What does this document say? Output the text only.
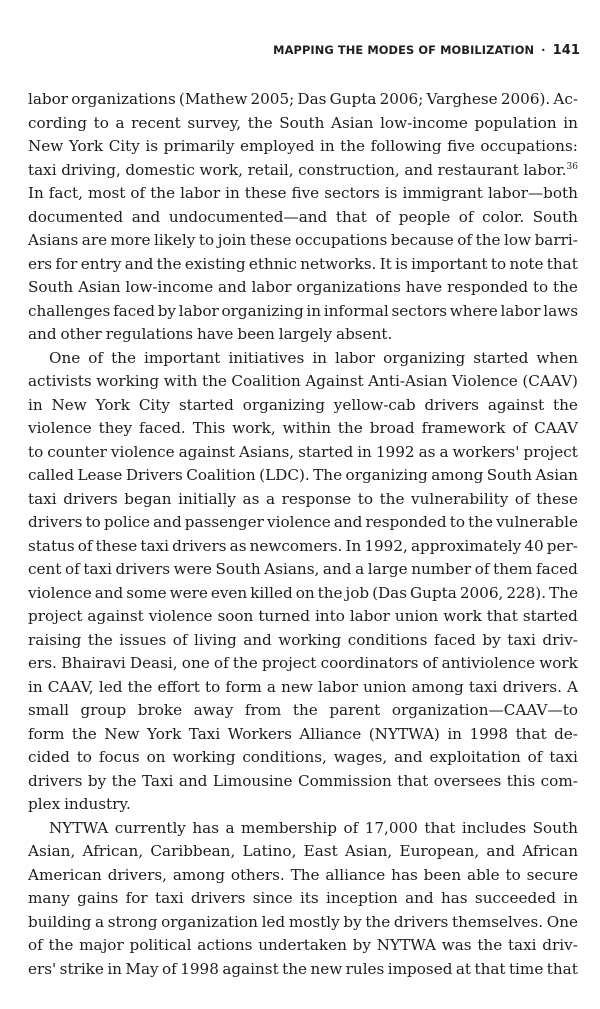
MAPPING THE MODES OF MOBILIZATION · 141
labor organizations (Mathew 2005; Das Gupta 2006; Varghese 2006). Ac-
cording to a recent survey, the South Asian low-income population in
New York City is primarily employed in the following five occupations:
taxi driving, domestic work, retail, construction, and restaurant labor.$^{36}$
In fact, most of the labor in these five sectors is immigrant labor—both
documented and undocumented—and that of people of color. South
Asians are more likely to join these occupations because of the low barri-
ers for entry and the existing ethnic networks. It is important to note that
South Asian low-income and labor organizations have responded to the
challenges faced by labor organizing in informal sectors where labor laws
and other regulations have been largely absent.
One of the important initiatives in labor organizing started when
activists working with the Coalition Against Anti-Asian Violence (CAAV)
in New York City started organizing yellow-cab drivers against the
violence they faced. This work, within the broad framework of CAAV
to counter violence against Asians, started in 1992 as a workers' project
called Lease Drivers Coalition (LDC). The organizing among South Asian
taxi drivers began initially as a response to the vulnerability of these
drivers to police and passenger violence and responded to the vulnerable
status of these taxi drivers as newcomers. In 1992, approximately 40 per-
cent of taxi drivers were South Asians, and a large number of them faced
violence and some were even killed on the job (Das Gupta 2006, 228). The
project against violence soon turned into labor union work that started
raising the issues of living and working conditions faced by taxi driv-
ers. Bhairavi Deasi, one of the project coordinators of antiviolence work
in CAAV, led the effort to form a new labor union among taxi drivers. A
small group broke away from the parent organization—CAAV—to
form the New York Taxi Workers Alliance (NYTWA) in 1998 that de-
cided to focus on working conditions, wages, and exploitation of taxi
drivers by the Taxi and Limousine Commission that oversees this com-
plex industry.
NYTWA currently has a membership of 17,000 that includes South
Asian, African, Caribbean, Latino, East Asian, European, and African
American drivers, among others. The alliance has been able to secure
many gains for taxi drivers since its inception and has succeeded in
building a strong organization led mostly by the drivers themselves. One
of the major political actions undertaken by NYTWA was the taxi driv-
ers' strike in May of 1998 against the new rules imposed at that time that
